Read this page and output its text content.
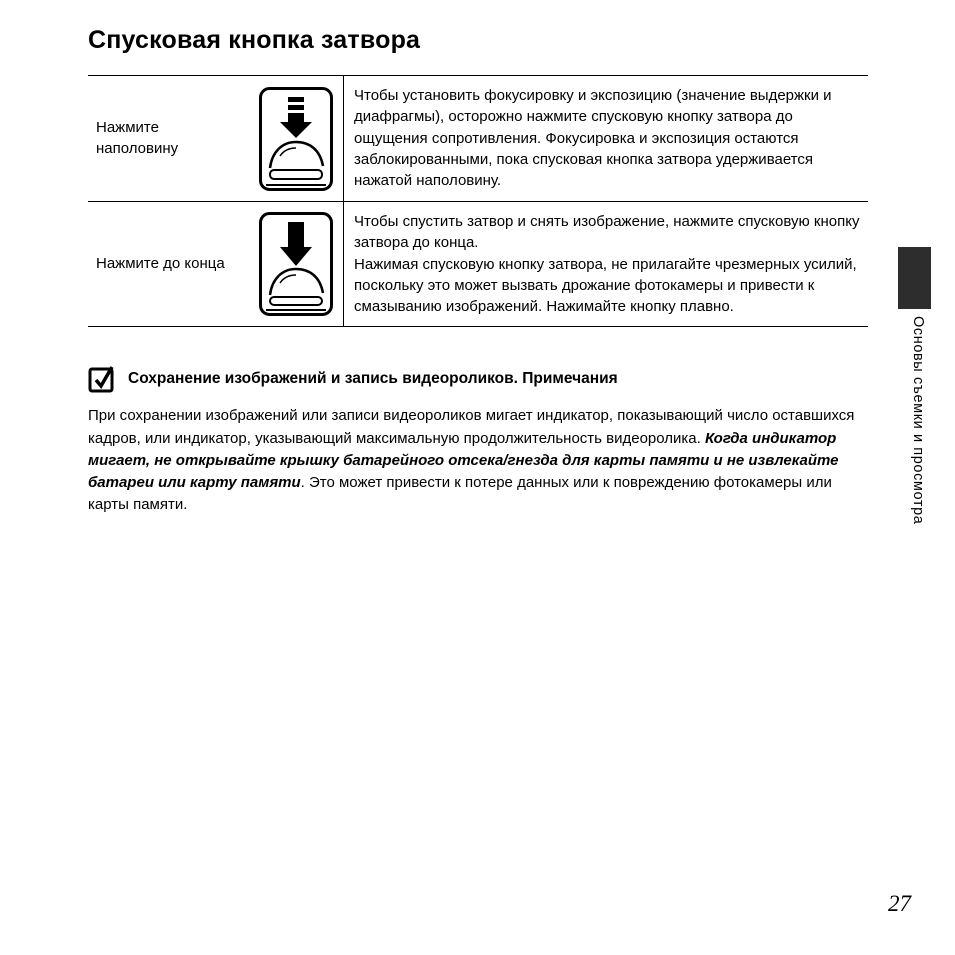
Спусковая кнопка затвора
Нажмите наполовину

Чтобы установить фокусировку и экспозицию (значение выдержки и диафрагмы), осторожно нажмите спусковую кнопку затвора до ощущения сопротивления. Фокусировка и экспозиция остаются заблокированными, пока спусковая кнопка затвора удерживается нажатой наполовину.

Нажмите до конца

Чтобы спустить затвор и снять изображение, нажмите спусковую кнопку затвора до конца.

Нажимая спусковую кнопку затвора, не прилагайте чрезмерных усилий, поскольку это может вызвать дрожание фотокамеры и привести к смазыванию изображений. Нажимайте кнопку плавно.

Сохранение изображений и запись видеороликов. Примечания

При сохранении изображений или записи видеороликов мигает индикатор, показывающий число оставшихся кадров, или индикатор, указывающий максимальную продолжительность видеоролика. Когда индикатор мигает, не открывайте крышку батарейного отсека/гнезда для карты памяти и не извлекайте батареи или карту памяти. Это может привести к потере данных или к повреждению фотокамеры или карты памяти.	Основы съемки и просмотра
27
